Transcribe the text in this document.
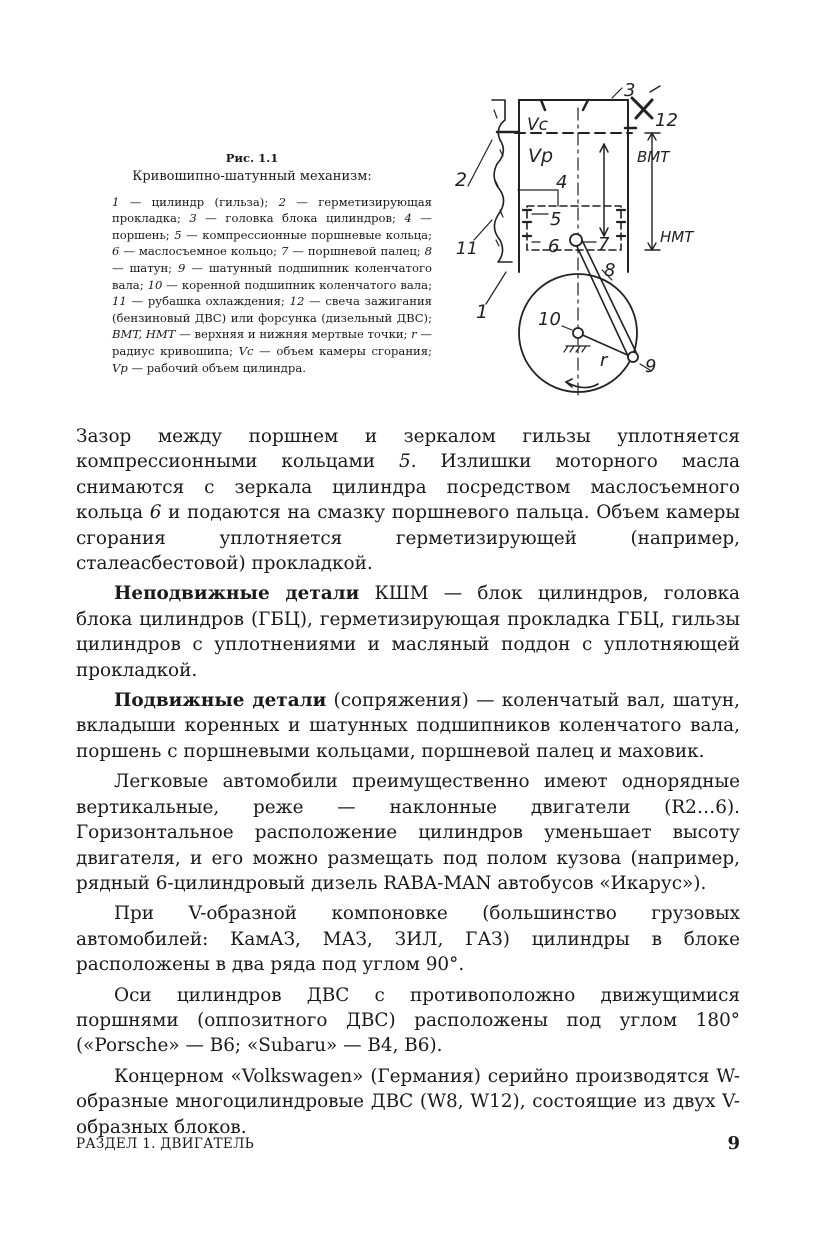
Рис. 1.1
Кривошипно-шатунный механизм:
1 — цилиндр (гильза); 2 — герметизирующая прокладка; 3 — головка блока цилиндров; 4 — поршень; 5 — компрессионные поршневые кольца; 6 — маслосъемное кольцо; 7 — поршневой палец; 8 — шатун; 9 — шатунный подшипник коленчатого вала; 10 — коренной подшипник коленчатого вала; 11 — рубашка охлаждения; 12 — свеча зажигания (бензиновый ДВС) или форсунка (дизельный ДВС); BMT, HMT — верхняя и нижняя мертвые точки; r — радиус кривошипа; Vc — объем камеры сгорания; Vp — рабочий объем цилиндра.
3
12
Vc
Vp	ВМТ
НМТ
2	4
5
6 7
11
8
1	10
r 9

Зазор между поршнем и зеркалом гильзы уплотняется компрессионными кольцами 5. Излишки моторного масла снимаются с зеркала цилиндра посредством маслосъемного кольца 6 и подаются на смазку поршневого пальца. Объем камеры сгорания уплотняется герметизирующей (например, сталеасбестовой) прокладкой.

Неподвижные детали КШМ — блок цилиндров, головка блока цилиндров (ГБЦ), герметизирующая прокладка ГБЦ, гильзы цилиндров с уплотнениями и масляный поддон с уплотняющей прокладкой.

Подвижные детали (сопряжения) — коленчатый вал, шатун, вкладыши коренных и шатунных подшипников коленчатого вала, поршень с поршневыми кольцами, поршневой палец и маховик.

Легковые автомобили преимущественно имеют однорядные вертикальные, реже — наклонные двигатели (R2…6). Горизонтальное расположение цилиндров уменьшает высоту двигателя, и его можно размещать под полом кузова (например, рядный 6-цилиндровый дизель RABA-MAN автобусов «Икарус»).

При V-образной компоновке (большинство грузовых автомобилей: КамАЗ, МАЗ, ЗИЛ, ГАЗ) цилиндры в блоке расположены в два ряда под углом 90°.

Оси цилиндров ДВС с противоположно движущимися поршнями (оппозитного ДВС) расположены под углом 180° («Porsche» — B6; «Subaru» — B4, B6).

Концерном «Volkswagen» (Германия) серийно производятся W-образные многоцилиндровые ДВС (W8, W12), состоящие из двух V-образных блоков.

РАЗДЕЛ 1. ДВИГАТЕЛЬ	9
